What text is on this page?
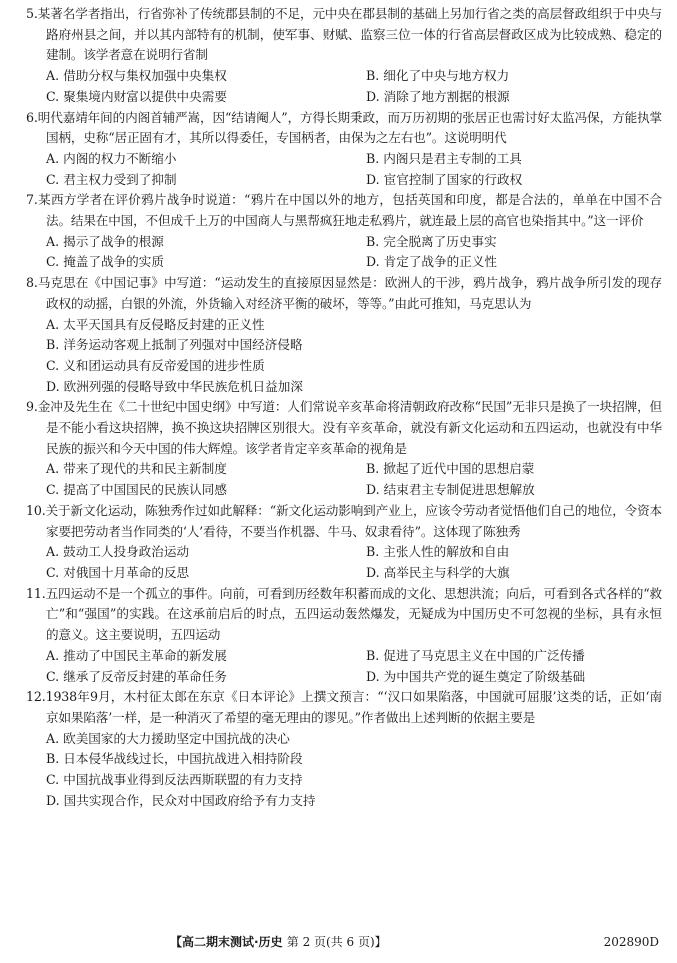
5.某著名学者指出，行省弥补了传统郡县制的不足，元中央在郡县制的基础上另加行省之类的高层督政组织于中央与路府州县之间，并以其内部特有的机制，使军事、财赋、监察三位一体的行省高层督政区成为比较成熟、稳定的建制。该学者意在说明行省制
A. 借助分权与集权加强中央集权	B. 细化了中央与地方权力
C. 聚集境内财富以提供中央需要	D. 消除了地方割据的根源
6.明代嘉靖年间的内阁首辅严嵩，因“结请阉人”，方得长期秉政，而万历初期的张居正也需讨好太监冯保，方能执掌国柄，史称“居正固有才，其所以得委任，专国柄者，由保为之左右也”。这说明明代
A. 内阁的权力不断缩小	B. 内阁只是君主专制的工具
C. 君主权力受到了抑制	D. 宦官控制了国家的行政权
7.某西方学者在评价鸦片战争时说道：“鸦片在中国以外的地方，包括英国和印度，都是合法的，单单在中国不合法。结果在中国，不但成千上万的中国商人与黑帮疯狂地走私鸦片，就连最上层的高官也染指其中。”这一评价
A. 揭示了战争的根源	B. 完全脱离了历史事实
C. 掩盖了战争的实质	D. 肯定了战争的正义性
8.马克思在《中国记事》中写道：“运动发生的直接原因显然是：欧洲人的干涉，鸦片战争，鸦片战争所引发的现存政权的动摇，白银的外流，外货输入对经济平衡的破坏，等等。”由此可推知，马克思认为
A. 太平天国具有反侵略反封建的正义性
B. 洋务运动客观上抵制了列强对中国经济侵略
C. 义和团运动具有反帝爱国的进步性质
D. 欧洲列强的侵略导致中华民族危机日益加深
9.金冲及先生在《二十世纪中国史纲》中写道：人们常说辛亥革命将清朝政府改称“民国”无非只是换了一块招牌，但是不能小看这块招牌，换不换这块招牌区别很大。没有辛亥革命，就没有新文化运动和五四运动，也就没有中华民族的振兴和今天中国的伟大辉煌。该学者肯定辛亥革命的视角是
A. 带来了现代的共和民主新制度	B. 掀起了近代中国的思想启蒙
C. 提高了中国国民的民族认同感	D. 结束君主专制促进思想解放
10.关于新文化运动，陈独秀作过如此解释：“新文化运动影响到产业上，应该令劳动者觉悟他们自己的地位，令资本家要把劳动者当作同类的‘人’看待，不要当作机器、牛马、奴隶看待”。这体现了陈独秀
A. 鼓动工人投身政治运动	B. 主张人性的解放和自由
C. 对俄国十月革命的反思	D. 高举民主与科学的大旗
11.五四运动不是一个孤立的事件。向前，可看到历经数年积蓄而成的文化、思想洪流；向后，可看到各式各样的“救亡”和“强国”的实践。在这承前启后的时点，五四运动轰然爆发，无疑成为中国历史不可忽视的坐标，具有永恒的意义。这主要说明，五四运动
A. 推动了中国民主革命的新发展	B. 促进了马克思主义在中国的广泛传播
C. 继承了反帝反封建的革命任务	D. 为中国共产党的诞生奠定了阶级基础
12.1938年9月，木村征太郎在东京《日本评论》上撰文预言：“‘汉口如果陷落，中国就可屈服’这类的话，正如‘南京如果陷落’一样，是一种消灭了希望的毫无理由的谬见。”作者做出上述判断的依据主要是
A. 欧美国家的大力援助坚定中国抗战的决心
B. 日本侵华战线过长，中国抗战进入相持阶段
C. 中国抗战事业得到反法西斯联盟的有力支持
D. 国共实现合作，民众对中国政府给予有力支持
【高二期末测试·历史 第 2 页(共 6 页)】	202890D
